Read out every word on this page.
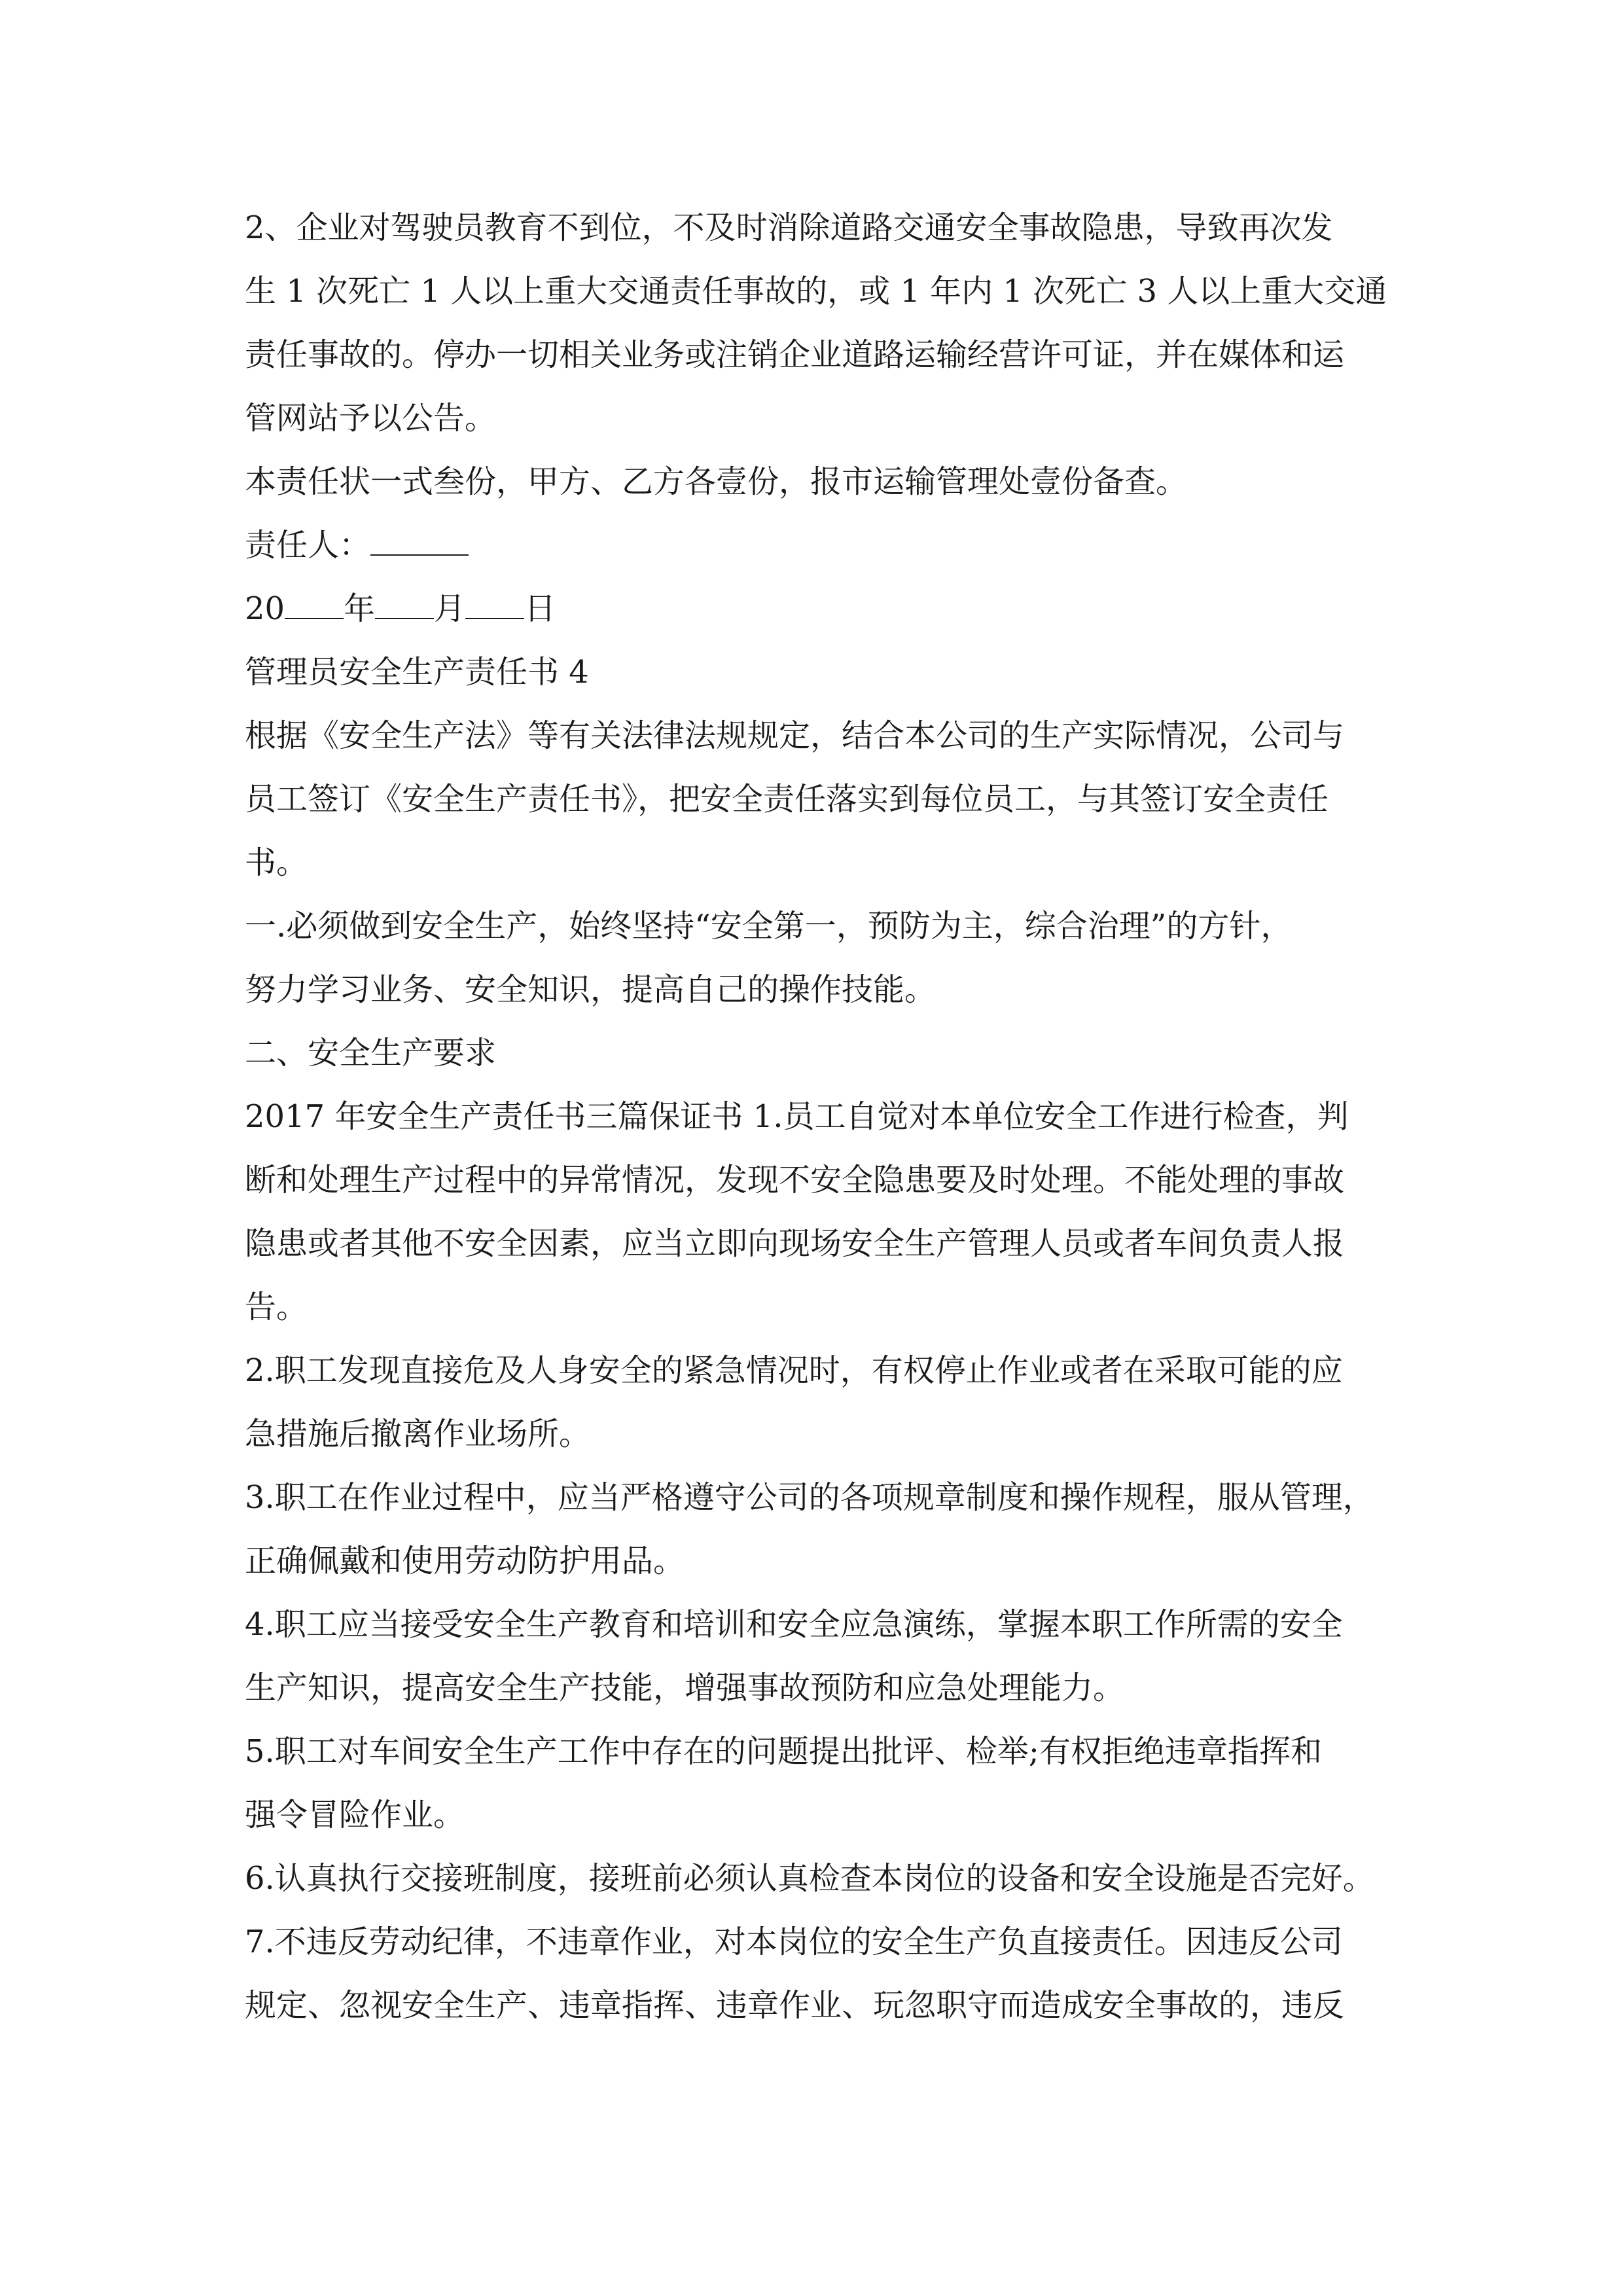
2、企业对驾驶员教育不到位，不及时消除道路交通安全事故隐患，导致再次发
生 1 次死亡 1 人以上重大交通责任事故的，或 1 年内 1 次死亡 3 人以上重大交通
责任事故的。停办一切相关业务或注销企业道路运输经营许可证，并在媒体和运
管网站予以公告。
本责任状一式叁份，甲方、乙方各壹份，报市运输管理处壹份备查。
责任人：
20 年 月 日
管理员安全生产责任书 4
根据《安全生产法》等有关法律法规规定，结合本公司的生产实际情况，公司与
员工签订《安全生产责任书》，把安全责任落实到每位员工，与其签订安全责任
书。
一.必须做到安全生产，始终坚持“安全第一，预防为主，综合治理”的方针，
努力学习业务、安全知识，提高自己的操作技能。
二、安全生产要求
2017 年安全生产责任书三篇保证书 1.员工自觉对本单位安全工作进行检查，判
断和处理生产过程中的异常情况，发现不安全隐患要及时处理。不能处理的事故
隐患或者其他不安全因素，应当立即向现场安全生产管理人员或者车间负责人报
告。
2.职工发现直接危及人身安全的紧急情况时，有权停止作业或者在采取可能的应
急措施后撤离作业场所。
3.职工在作业过程中，应当严格遵守公司的各项规章制度和操作规程，服从管理，
正确佩戴和使用劳动防护用品。
4.职工应当接受安全生产教育和培训和安全应急演练，掌握本职工作所需的安全
生产知识，提高安全生产技能，增强事故预防和应急处理能力。
5.职工对车间安全生产工作中存在的问题提出批评、检举;有权拒绝违章指挥和
强令冒险作业。
6.认真执行交接班制度，接班前必须认真检查本岗位的设备和安全设施是否完好。
7.不违反劳动纪律，不违章作业，对本岗位的安全生产负直接责任。因违反公司
规定、忽视安全生产、违章指挥、违章作业、玩忽职守而造成安全事故的，违反
